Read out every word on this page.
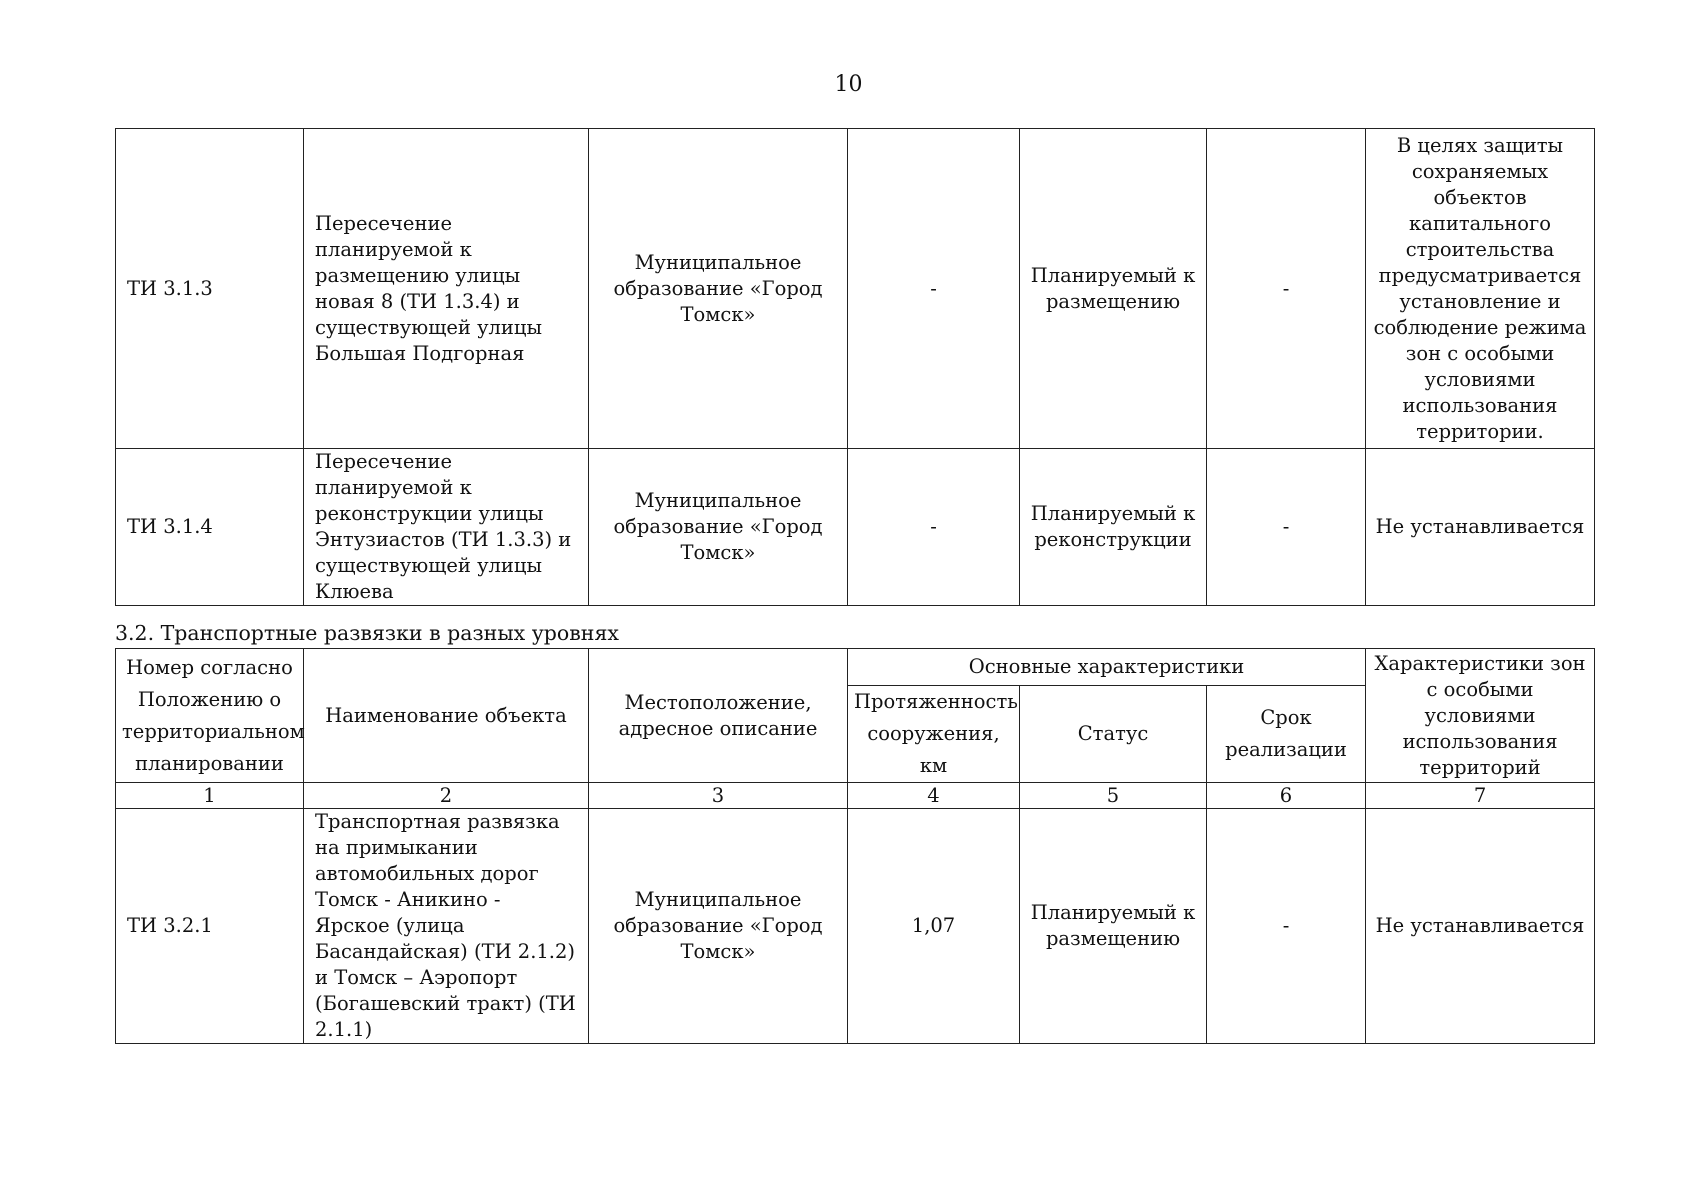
10
ТИ 3.1.3	Пересечение планируемой к размещению улицы новая 8 (ТИ 1.3.4) и существующей улицы Большая Подгорная	Муниципальное образование «Город Томск»	-	Планируемый к размещению	-	В целях защиты сохраняемых объектов капитального строительства предусматривается установление и соблюдение режима зон с особыми условиями использования территории.
ТИ 3.1.4	Пересечение планируемой к реконструкции улицы Энтузиастов (ТИ 1.3.3) и существующей улицы Клюева	Муниципальное образование «Город Томск»	-	Планируемый к реконструкции	-	Не устанавливается
3.2. Транспортные развязки в разных уровнях
Номер согласно Положению о территориальном планировании	Наименование объекта	Местоположение, адресное описание	Основные характеристики			Характеристики зон с особыми условиями использования территорий
			Протяженность сооружения, км	Статус	Срок реализации	
1	2	3	4	5	6	7
ТИ 3.2.1	Транспортная развязка на примыкании автомобильных дорог Томск - Аникино - Ярское (улица Басандайская) (ТИ 2.1.2) и Томск – Аэропорт (Богашевский тракт) (ТИ 2.1.1)	Муниципальное образование «Город Томск»	1,07	Планируемый к размещению	-	Не устанавливается
